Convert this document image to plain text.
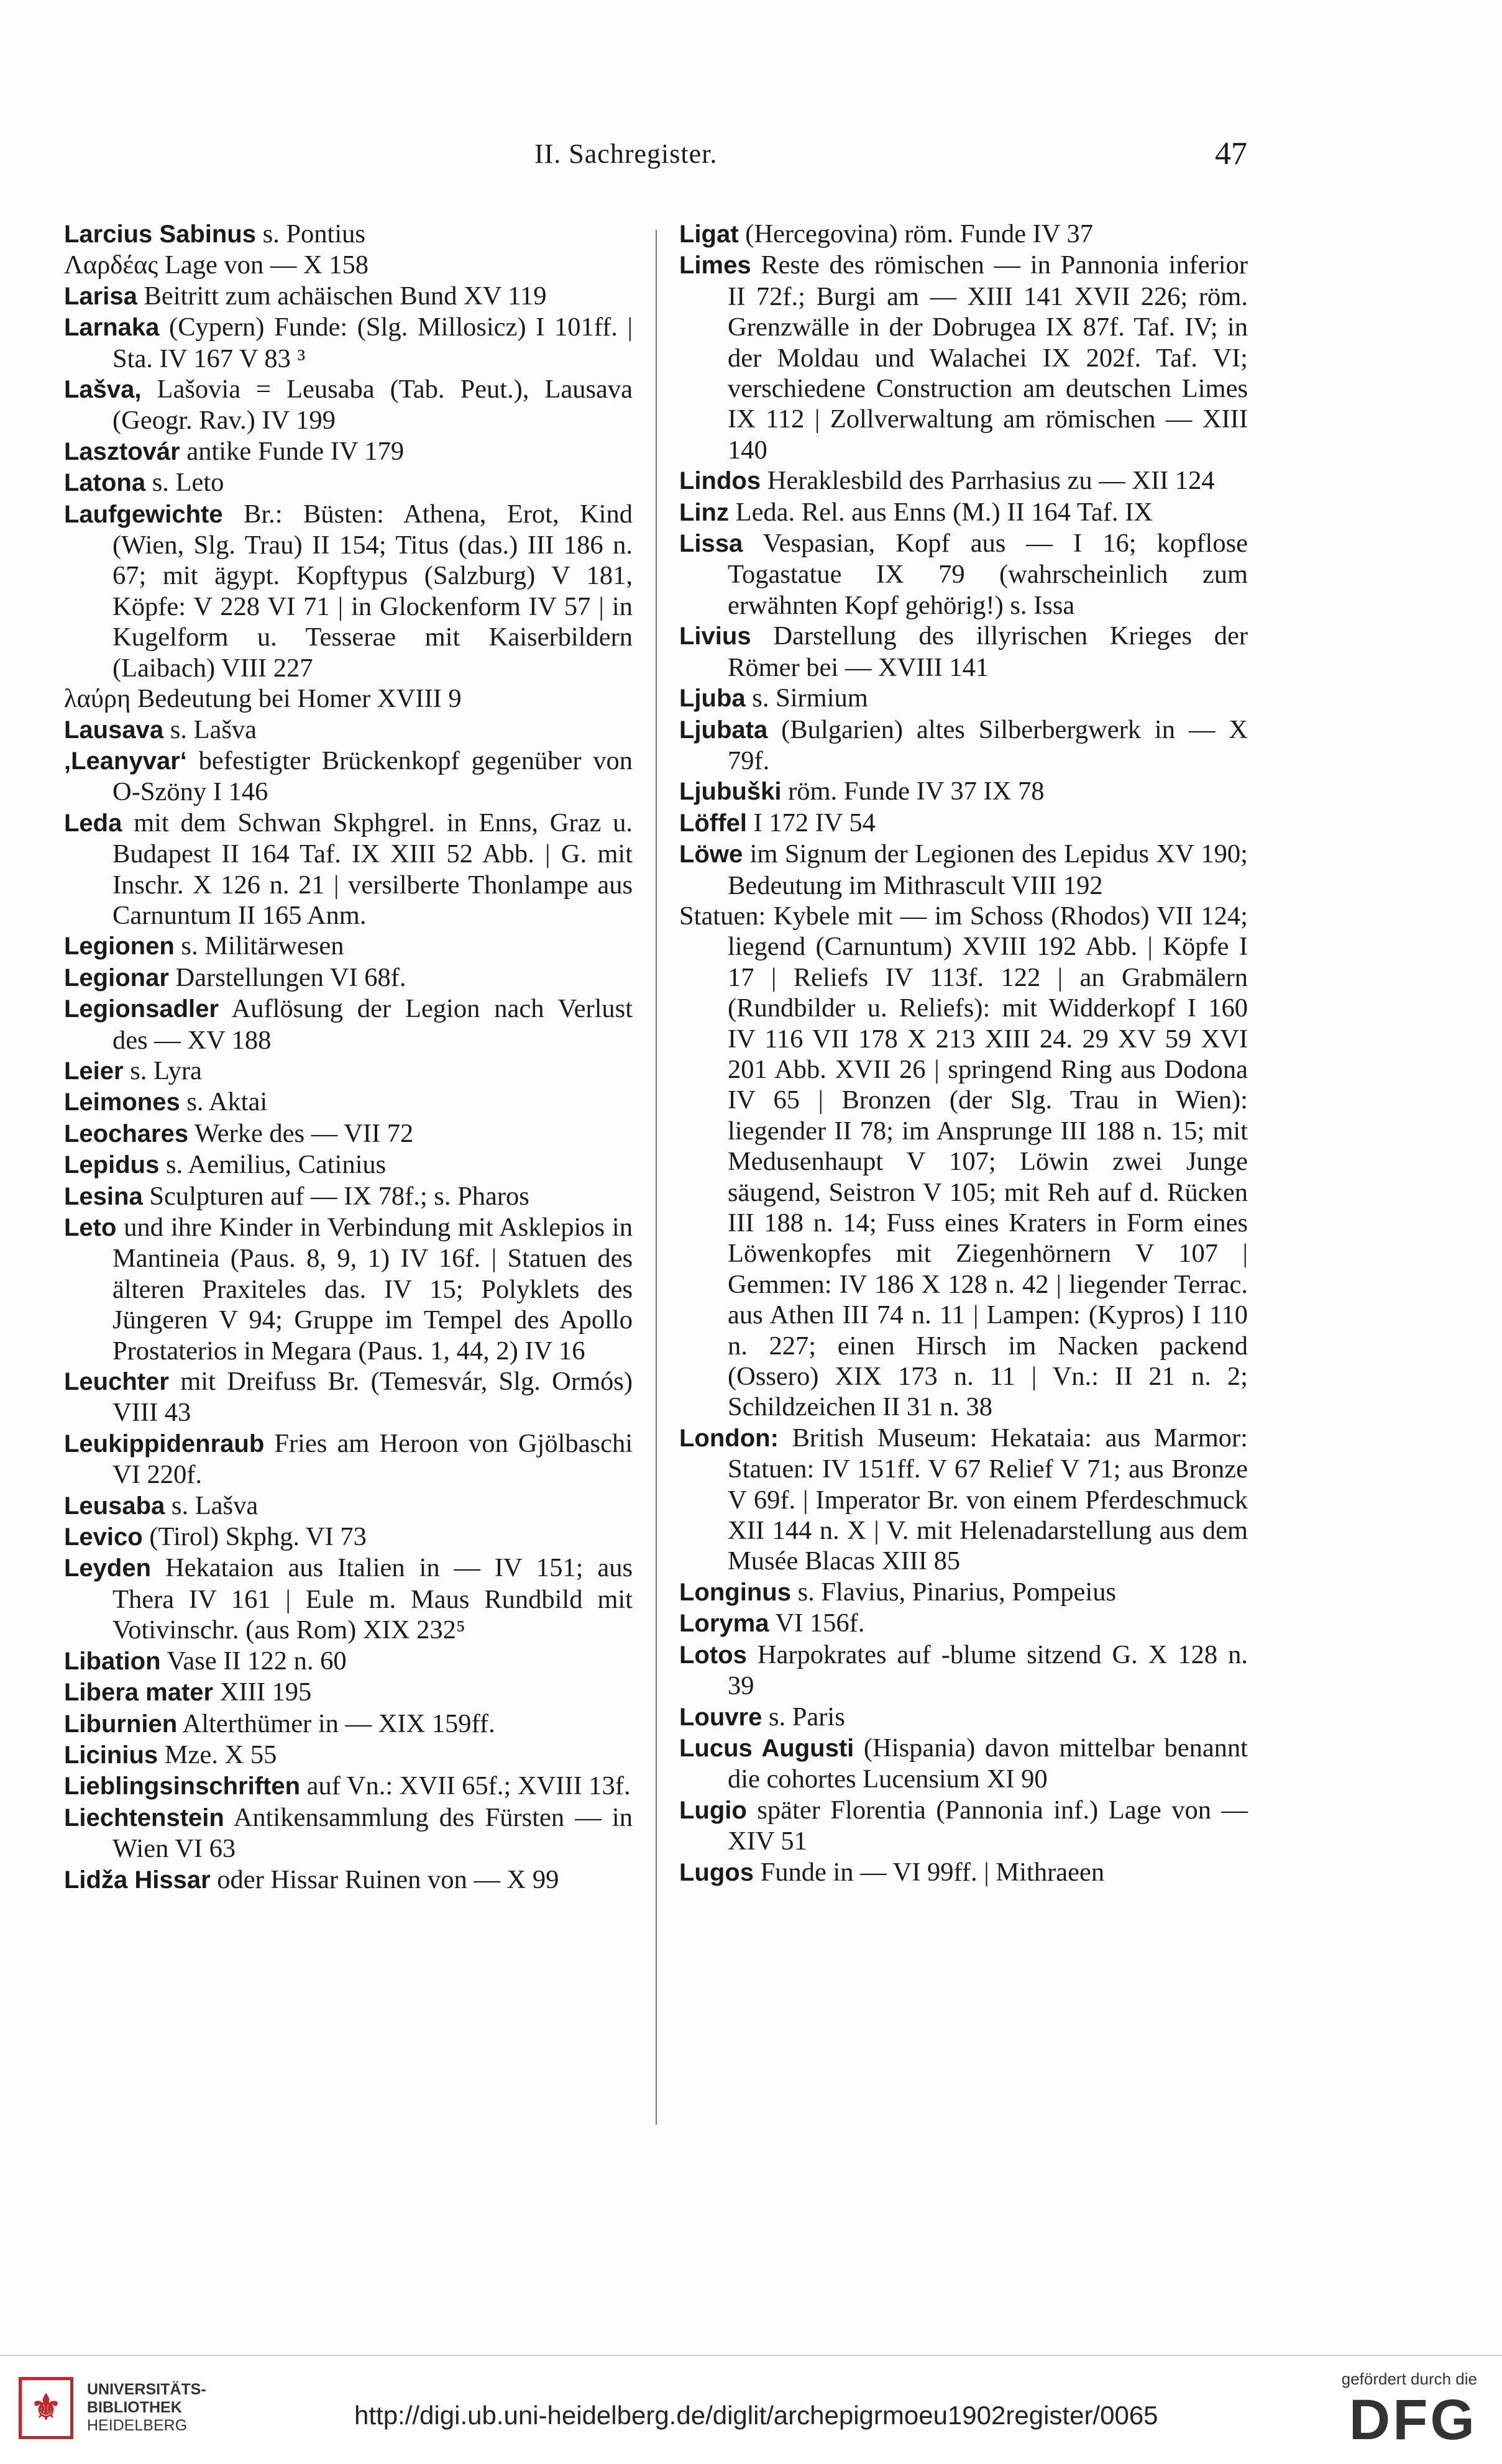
II. Sachregister.	47
Larcius Sabinus s. Pontius
Λαρδέας Lage von — X 158
Larisa Beitritt zum achäischen Bund XV 119
Larnaka (Cypern) Funde: (Slg. Millosicz) I 101ff. | Sta. IV 167 V 83 ³
Lašva, Lašovia = Leusaba (Tab. Peut.), Lausava (Geogr. Rav.) IV 199
Lasztovár antike Funde IV 179
Latona s. Leto
Laufgewichte Br.: Büsten: Athena, Erot, Kind (Wien, Slg. Trau) II 154; Titus (das.) III 186 n. 67; mit ägypt. Kopftypus (Salzburg) V 181, Köpfe: V 228 VI 71 | in Glockenform IV 57 | in Kugelform u. Tesserae mit Kaiserbildern (Laibach) VIII 227
λαύρη Bedeutung bei Homer XVIII 9
Lausava s. Lašva
‚Leanyvar‘ befestigter Brückenkopf gegenüber von O-Szöny I 146
Leda mit dem Schwan Skphgrel. in Enns, Graz u. Budapest II 164 Taf. IX XIII 52 Abb. | G. mit Inschr. X 126 n. 21 | versilberte Thonlampe aus Carnuntum II 165 Anm.
Legionen s. Militärwesen
Legionar Darstellungen VI 68f.
Legionsadler Auflösung der Legion nach Verlust des — XV 188
Leier s. Lyra
Leimones s. Aktai
Leochares Werke des — VII 72
Lepidus s. Aemilius, Catinius
Lesina Sculpturen auf — IX 78f.; s. Pharos
Leto und ihre Kinder in Verbindung mit Asklepios in Mantineia (Paus. 8, 9, 1) IV 16f. | Statuen des älteren Praxiteles das. IV 15; Polyklets des Jüngeren V 94; Gruppe im Tempel des Apollo Prostaterios in Megara (Paus. 1, 44, 2) IV 16
Leuchter mit Dreifuss Br. (Temesvár, Slg. Ormós) VIII 43
Leukippidenraub Fries am Heroon von Gjölbaschi VI 220f.
Leusaba s. Lašva
Levico (Tirol) Skphg. VI 73
Leyden Hekataion aus Italien in — IV 151; aus Thera IV 161 | Eule m. Maus Rundbild mit Votivinschr. (aus Rom) XIX 232⁵
Libation Vase II 122 n. 60
Libera mater XIII 195
Liburnien Alterthümer in — XIX 159ff.
Licinius Mze. X 55
Lieblingsinschriften auf Vn.: XVII 65f.; XVIII 13f.
Liechtenstein Antikensammlung des Fürsten — in Wien VI 63
Lidža Hissar oder Hissar Ruinen von — X 99
Ligat (Hercegovina) röm. Funde IV 37
Limes Reste des römischen — in Pannonia inferior II 72f.; Burgi am — XIII 141 XVII 226; röm. Grenzwälle in der Dobrugea IX 87f. Taf. IV; in der Moldau und Walachei IX 202f. Taf. VI; verschiedene Construction am deutschen Limes IX 112 | Zollverwaltung am römischen — XIII 140
Lindos Heraklesbild des Parrhasius zu — XII 124
Linz Leda. Rel. aus Enns (M.) II 164 Taf. IX
Lissa Vespasian, Kopf aus — I 16; kopflose Togastatue IX 79 (wahrscheinlich zum erwähnten Kopf gehörig!) s. Issa
Livius Darstellung des illyrischen Krieges der Römer bei — XVIII 141
Ljuba s. Sirmium
Ljubata (Bulgarien) altes Silberbergwerk in — X 79f.
Ljubuški röm. Funde IV 37 IX 78
Löffel I 172 IV 54
Löwe im Signum der Legionen des Lepidus XV 190; Bedeutung im Mithrascult VIII 192
Statuen: Kybele mit — im Schoss (Rhodos) VII 124; liegend (Carnuntum) XVIII 192 Abb. | Köpfe I 17 | Reliefs IV 113f. 122 | an Grabmälern (Rundbilder u. Reliefs): mit Widderkopf I 160 IV 116 VII 178 X 213 XIII 24. 29 XV 59 XVI 201 Abb. XVII 26 | springend Ring aus Dodona IV 65 | Bronzen (der Slg. Trau in Wien): liegender II 78; im Ansprunge III 188 n. 15; mit Medusenhaupt V 107; Löwin zwei Junge säugend, Seistron V 105; mit Reh auf d. Rücken III 188 n. 14; Fuss eines Kraters in Form eines Löwenkopfes mit Ziegenhörnern V 107 | Gemmen: IV 186 X 128 n. 42 | liegender Terrac. aus Athen III 74 n. 11 | Lampen: (Kypros) I 110 n. 227; einen Hirsch im Nacken packend (Ossero) XIX 173 n. 11 | Vn.: II 21 n. 2; Schildzeichen II 31 n. 38
London: British Museum: Hekataia: aus Marmor: Statuen: IV 151ff. V 67 Relief V 71; aus Bronze V 69f. | Imperator Br. von einem Pferdeschmuck XII 144 n. X | V. mit Helenadarstellung aus dem Musée Blacas XIII 85
Longinus s. Flavius, Pinarius, Pompeius
Loryma VI 156f.
Lotos Harpokrates auf -blume sitzend G. X 128 n. 39
Louvre s. Paris
Lucus Augusti (Hispania) davon mittelbar benannt die cohortes Lucensium XI 90
Lugio später Florentia (Pannonia inf.) Lage von — XIV 51
Lugos Funde in — VI 99ff. | Mithraeen
⚜	UNIVERSITÄTS-
BIBLIOTHEK
HEIDELBERG	http://digi.ub.uni-heidelberg.de/diglit/archepigrmoeu1902register/0065
gefördert durch die
DFG
